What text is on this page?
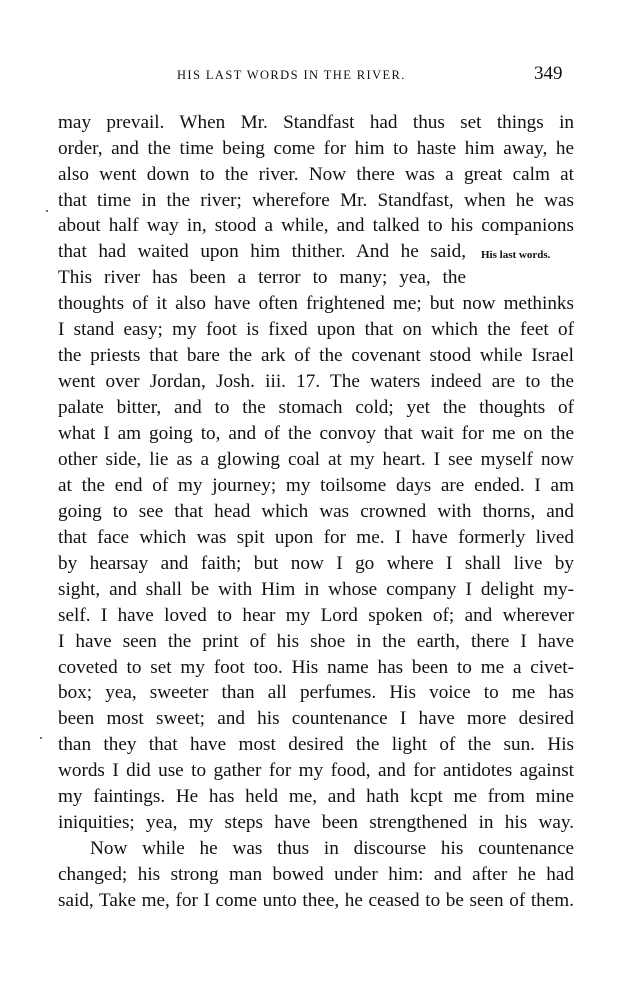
HIS LAST WORDS IN THE RIVER.	349
His last words.
may prevail. When Mr. Standfast had thus set things in
order, and the time being come for him to haste him away, he
also went down to the river. Now there was a great calm at
that time in the river; wherefore Mr. Standfast, when he was
about half way in, stood a while, and talked to his companions
that had waited upon him thither. And he said,
This river has been a terror to many; yea, the
thoughts of it also have often frightened me; but now methinks
I stand easy; my foot is fixed upon that on which the feet of
the priests that bare the ark of the covenant stood while Israel
went over Jordan, Josh. iii. 17. The waters indeed are to the
palate bitter, and to the stomach cold; yet the thoughts of
what I am going to, and of the convoy that wait for me on the
other side, lie as a glowing coal at my heart. I see myself now
at the end of my journey; my toilsome days are ended. I am
going to see that head which was crowned with thorns, and
that face which was spit upon for me. I have formerly lived
by hearsay and faith; but now I go where I shall live by
sight, and shall be with Him in whose company I delight my-
self. I have loved to hear my Lord spoken of; and wherever
I have seen the print of his shoe in the earth, there I have
coveted to set my foot too. His name has been to me a civet-
box; yea, sweeter than all perfumes. His voice to me has
been most sweet; and his countenance I have more desired
than they that have most desired the light of the sun. His
words I did use to gather for my food, and for antidotes against
my faintings. He has held me, and hath kcpt me from mine
iniquities; yea, my steps have been strengthened in his way.
Now while he was thus in discourse his countenance
changed; his strong man bowed under him: and after he had
said, Take me, for I come unto thee, he ceased to be seen of them.
